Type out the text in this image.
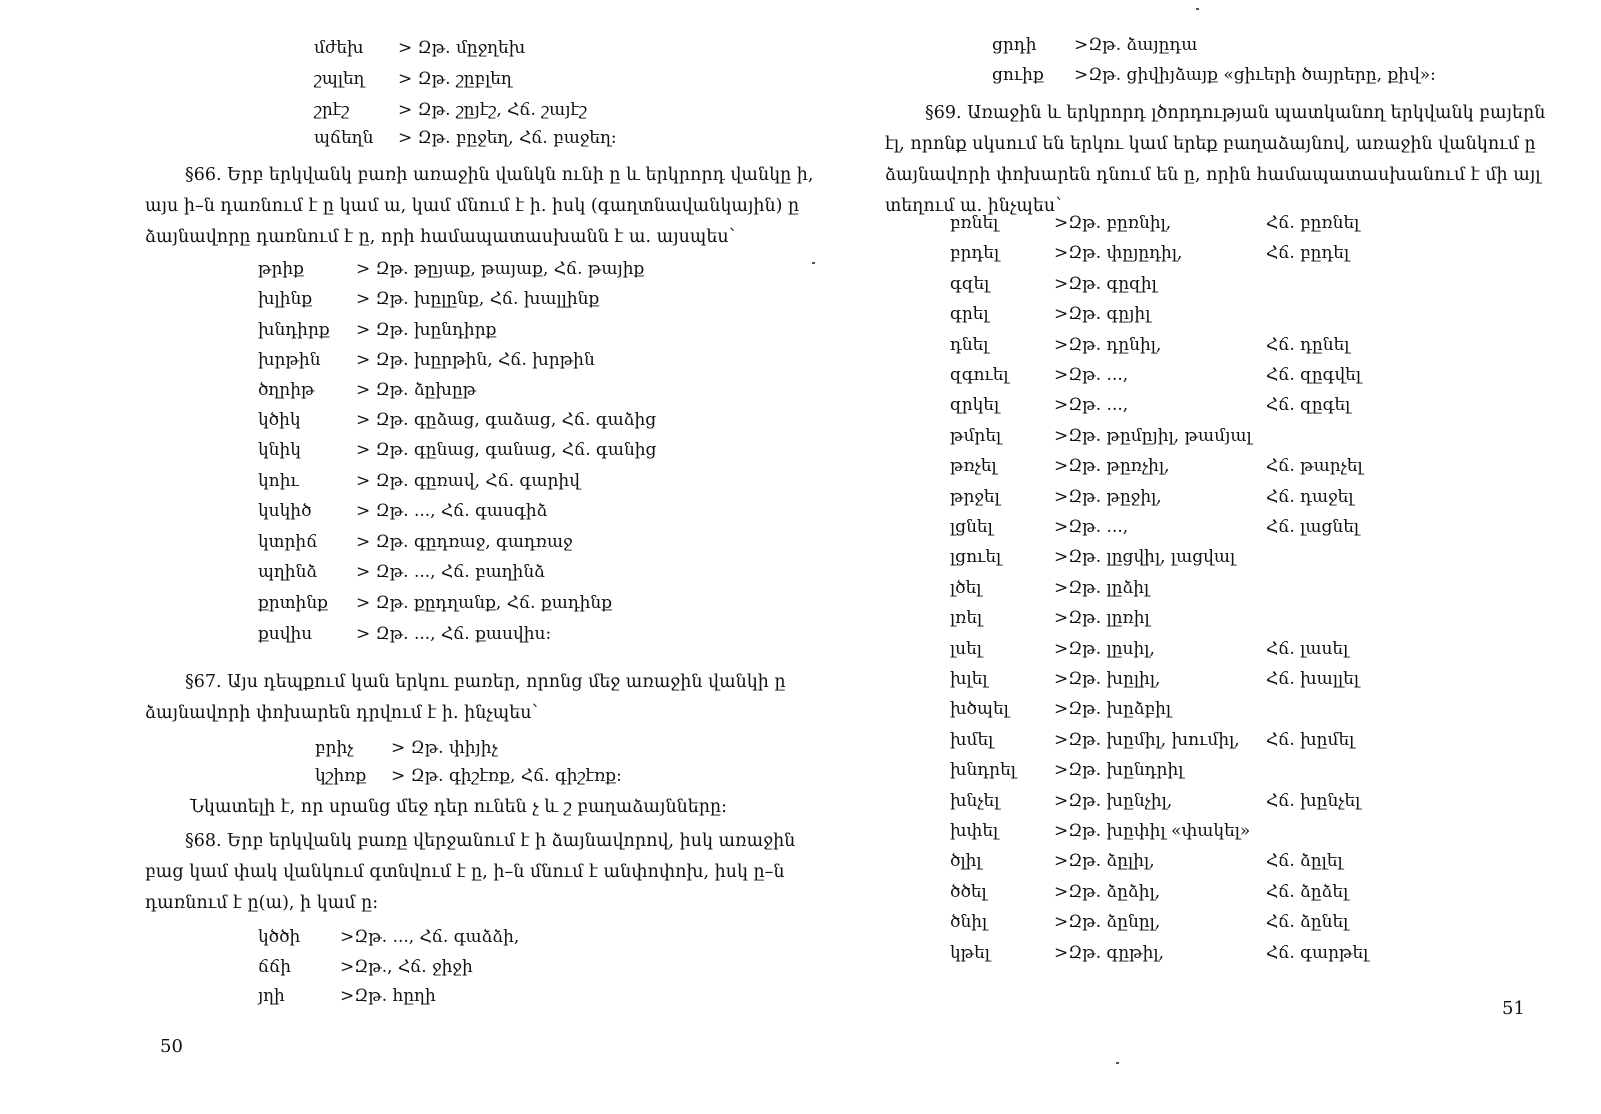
մժեխ > Զթ. մըջղեխ
շպլեղ > Զթ. շըբլեղ
շրէշ	> Զթ. շըյէշ, Հճ. շայէշ
պճեղն > Զթ. բըջեղ, Հճ. բաջեղ:
§66. Երբ երկվանկ բառի առաջին վանկն ունի ը և երկրորդ վանկը ի,
այս ի–ն դառնում է ը կամ ա, կամ մնում է ի. իսկ (գաղտնավանկային) ը
ձայնավորը դառնում է ը, որի համապատասխանն է ա. այսպես՝
թրիք	> Զթ. թըյաք, թայաք, Հճ. թայիք
խլինք	> Զթ. խըլընք, Հճ. խալլինք
խնդիրք > Զթ. խընդիրք
խրթին > Զթ. խըրթին, Հճ. խրթին
ծղրիթ > Զթ. ձըխըթ
կծիկ	> Զթ. գըձաց, գաձաց, Հճ. գաձից
կնիկ	> Զթ. գընաց, գանաց, Հճ. գանից
կոիւ	> Զթ. գըռավ, Հճ. գարիվ
կսկիծ	> Զթ. ..., Հճ. գասգիձ
կտրիճ > Զթ. գըդռաջ, գադռաջ
պղինձ > Զթ. ..., Հճ. բաղինձ
քրտինք > Զթ. քըդղանք, Հճ. քադինք
քսվիս	> Զթ. ..., Հճ. քասվիս:
§67. Այս դեպքում կան երկու բառեր, որոնց մեջ առաջին վանկի ը
ձայնավորի փոխարեն դրվում է ի. ինչպես՝
բրիչ > Զթ. փիյիչ
կշիռք > Զթ. գիշէռք, Հճ. գիշէռք:
Նկատելի է, որ սրանց մեջ դեր ունեն չ և շ բաղաձայնները:
§68. Երբ երկվանկ բառը վերջանում է ի ձայնավորով, իսկ առաջին
բաց կամ փակ վանկում գտնվում է ը, ի–ն մնում է անփոփոխ, իսկ ը–ն
դառնում է ը(ա), ի կամ ը:
կծծի >Զթ. ..., Հճ. գաձձի,
ճճի	>Զթ., Հճ. ջիջի
յղի	>Զթ. հըղի
50
ցրդի >Զթ. ձայըդա
ցուիք >Զթ. ցիվիյձայք «ցիւերի ծայրերը, քիվ»:
§69. Առաջին և երկրորդ լծորդության պատկանող երկվանկ բայերն
էլ, որոնք սկսում են երկու կամ երեք բաղաձայնով, առաջին վանկում ը
ձայնավորի փոխարեն դնում են ը, որին համապատասխանում է մի այլ
տեղում ա. ինչպես՝
բռնել	>Զթ. բըռնիլ,	Հճ. բըռնել
բրդել	>Զթ. փըյըդիլ,	Հճ. բըդել
գզել	>Զթ. գըզիլ
գրել	>Զթ. գըյիլ
դնել	>Զթ. դընիլ,	Հճ. դընել
զգուել	>Զթ. ...,	Հճ. զըգվել
զրկել	>Զթ. ...,	Հճ. զըգել
թմրել	>Զթ. թըմըյիլ, թամյալ
թռչել	>Զթ. թըռչիլ,	Հճ. թարչել
թրջել	>Զթ. թըջիլ,	Հճ. դաջել
լցնել	>Զթ. ...,	Հճ. լացնել
լցուել	>Զթ. լըցվիլ, լացվալ
լծել	>Զթ. լըձիլ
լռել	>Զթ. լըռիլ
լսել	>Զթ. լըսիլ,	Հճ. լասել
խլել	>Զթ. խըլիլ,	Հճ. խալլել
խծպել	>Զթ. խըձբիլ
խմել	>Զթ. խըմիլ, խումիլ, Հճ. խըմել
խնդրել >Զթ. խընդրիլ
խնչել	>Զթ. խընչիլ,	Հճ. խընչել
խփել	>Զթ. խըփիլ «փակել»
ծլիլ	>Զթ. ձըլիլ,	Հճ. ձըլել
ծծել	>Զթ. ձըձիլ,	Հճ. ձըձել
ծնիլ	>Զթ. ձընըլ,	Հճ. ձընել
կթել	>Զթ. գըթիլ,	Հճ. գարթել
51
